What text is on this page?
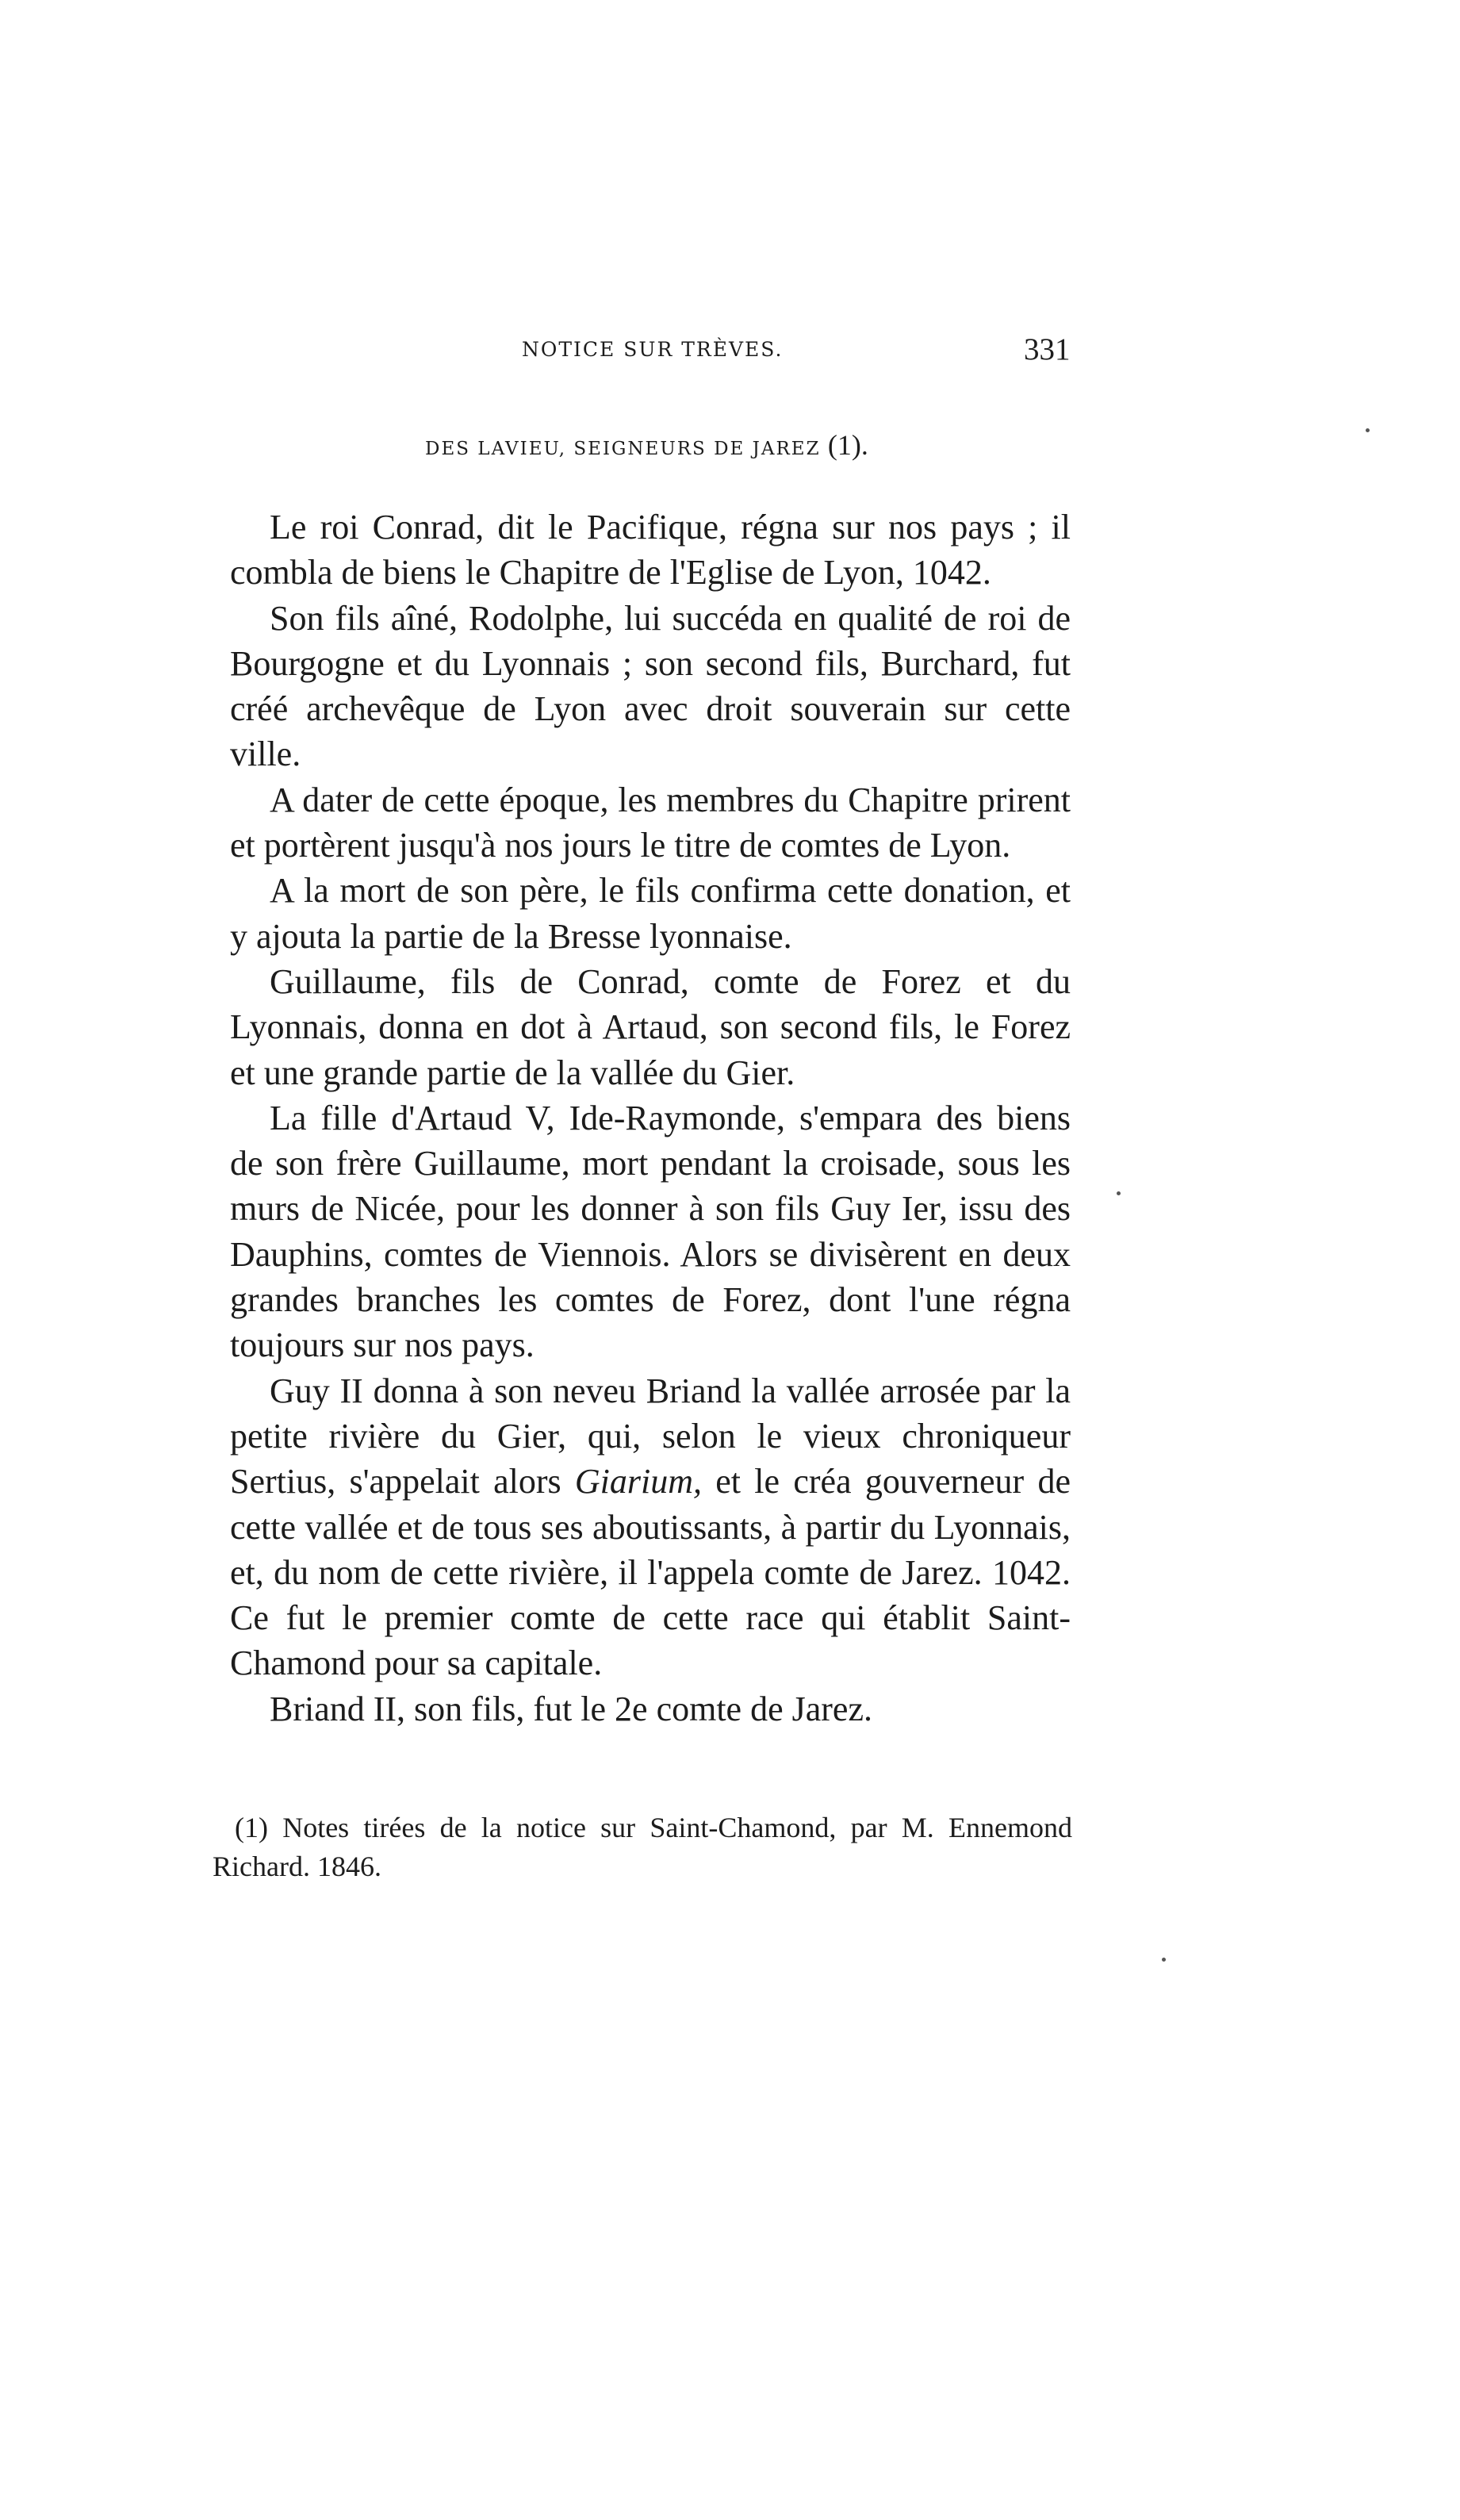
NOTICE SUR TRÈVES.	331
DES LAVIEU, SEIGNEURS DE JAREZ (1).

Le roi Conrad, dit le Pacifique, régna sur nos pays ; il combla de biens le Chapitre de l'Eglise de Lyon, 1042.

Son fils aîné, Rodolphe, lui succéda en qualité de roi de Bourgogne et du Lyonnais ; son second fils, Burchard, fut créé archevêque de Lyon avec droit souverain sur cette ville.

A dater de cette époque, les membres du Chapitre prirent et portèrent jusqu'à nos jours le titre de comtes de Lyon.

A la mort de son père, le fils confirma cette donation, et y ajouta la partie de la Bresse lyonnaise.

Guillaume, fils de Conrad, comte de Forez et du Lyonnais, donna en dot à Artaud, son second fils, le Forez et une grande partie de la vallée du Gier.

La fille d'Artaud V, Ide-Raymonde, s'empara des biens de son frère Guillaume, mort pendant la croisade, sous les murs de Nicée, pour les donner à son fils Guy Ier, issu des Dauphins, comtes de Viennois. Alors se divisèrent en deux grandes branches les comtes de Forez, dont l'une régna toujours sur nos pays.

Guy II donna à son neveu Briand la vallée arrosée par la petite rivière du Gier, qui, selon le vieux chroniqueur Sertius, s'appelait alors Giarium, et le créa gouverneur de cette vallée et de tous ses aboutissants, à partir du Lyonnais, et, du nom de cette rivière, il l'appela comte de Jarez. 1042. Ce fut le premier comte de cette race qui établit Saint-Chamond pour sa capitale.

Briand II, son fils, fut le 2e comte de Jarez.

(1) Notes tirées de la notice sur Saint-Chamond, par M. Ennemond Richard. 1846.
